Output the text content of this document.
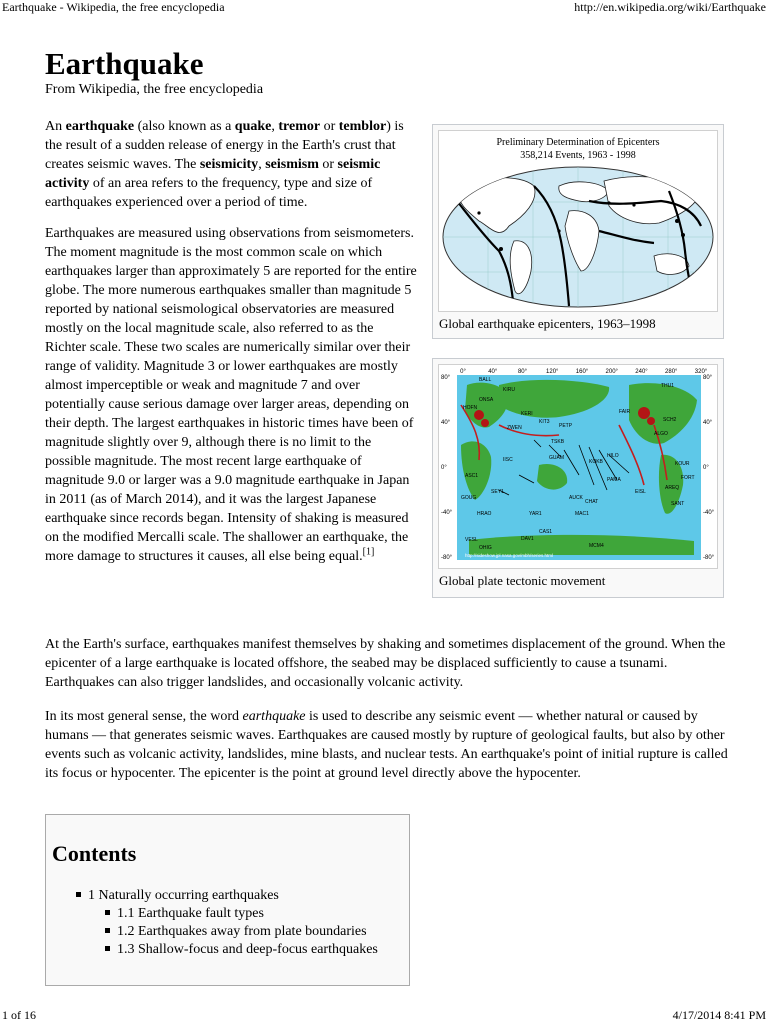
Earthquake - Wikipedia, the free encyclopedia	http://en.wikipedia.org/wiki/Earthquake
Earthquake
From Wikipedia, the free encyclopedia

An earthquake (also known as a quake, tremor or temblor) is the result of a sudden release of energy in the Earth's crust that creates seismic waves. The seismicity, seismism or seismic activity of an area refers to the frequency, type and size of earthquakes experienced over a period of time.

Earthquakes are measured using observations from seismometers. The moment magnitude is the most common scale on which earthquakes larger than approximately 5 are reported for the entire globe. The more numerous earthquakes smaller than magnitude 5 reported by national seismological observatories are measured mostly on the local magnitude scale, also referred to as the Richter scale. These two scales are numerically similar over their range of validity. Magnitude 3 or lower earthquakes are mostly almost imperceptible or weak and magnitude 7 and over potentially cause serious damage over larger areas, depending on their depth. The largest earthquakes in historic times have been of magnitude slightly over 9, although there is no limit to the possible magnitude. The most recent large earthquake of magnitude 9.0 or larger was a 9.0 magnitude earthquake in Japan in 2011 (as of March 2014), and it was the largest Japanese earthquake since records began. Intensity of shaking is measured on the modified Mercalli scale. The shallower an earthquake, the more damage to structures it causes, all else being equal.[1]

Preliminary Determination of Epicenters
358,214 Events, 1963 - 1998
Global earthquake epicenters, 1963–1998
0°	40°	80°	120°	160°	200°	240°	280°	320°
80°	80°
40°	40°
0°	0°
-40°	-40°
-80°	-80°
BALL
HOFN
ONSA
KERI
KIT3
TSKB
HILO
THU1
FAIR
SCH2
ALGO
PAMA
AREQ
KOKB
EISL
CHAT
AUCK
MAC1
CAS1
DAV1
MCM4
KIRU
GOUG
ASC1
SEY1
IISC
YAR1
GUAM
PETP
SANT
HRAO
KOUR
FORT
OHIG
VESL
ZWEN
http://sideshow.jpl.nasa.gov/mbh/series.html
Global plate tectonic movement

At the Earth's surface, earthquakes manifest themselves by shaking and sometimes displacement of the ground. When the epicenter of a large earthquake is located offshore, the seabed may be displaced sufficiently to cause a tsunami. Earthquakes can also trigger landslides, and occasionally volcanic activity.

In its most general sense, the word earthquake is used to describe any seismic event — whether natural or caused by humans — that generates seismic waves. Earthquakes are caused mostly by rupture of geological faults, but also by other events such as volcanic activity, landslides, mine blasts, and nuclear tests. An earthquake's point of initial rupture is called its focus or hypocenter. The epicenter is the point at ground level directly above the hypocenter.

Contents
1 Naturally occurring earthquakes
1.1 Earthquake fault types
1.2 Earthquakes away from plate boundaries
1.3 Shallow-focus and deep-focus earthquakes
1 of 16	4/17/2014 8:41 PM
